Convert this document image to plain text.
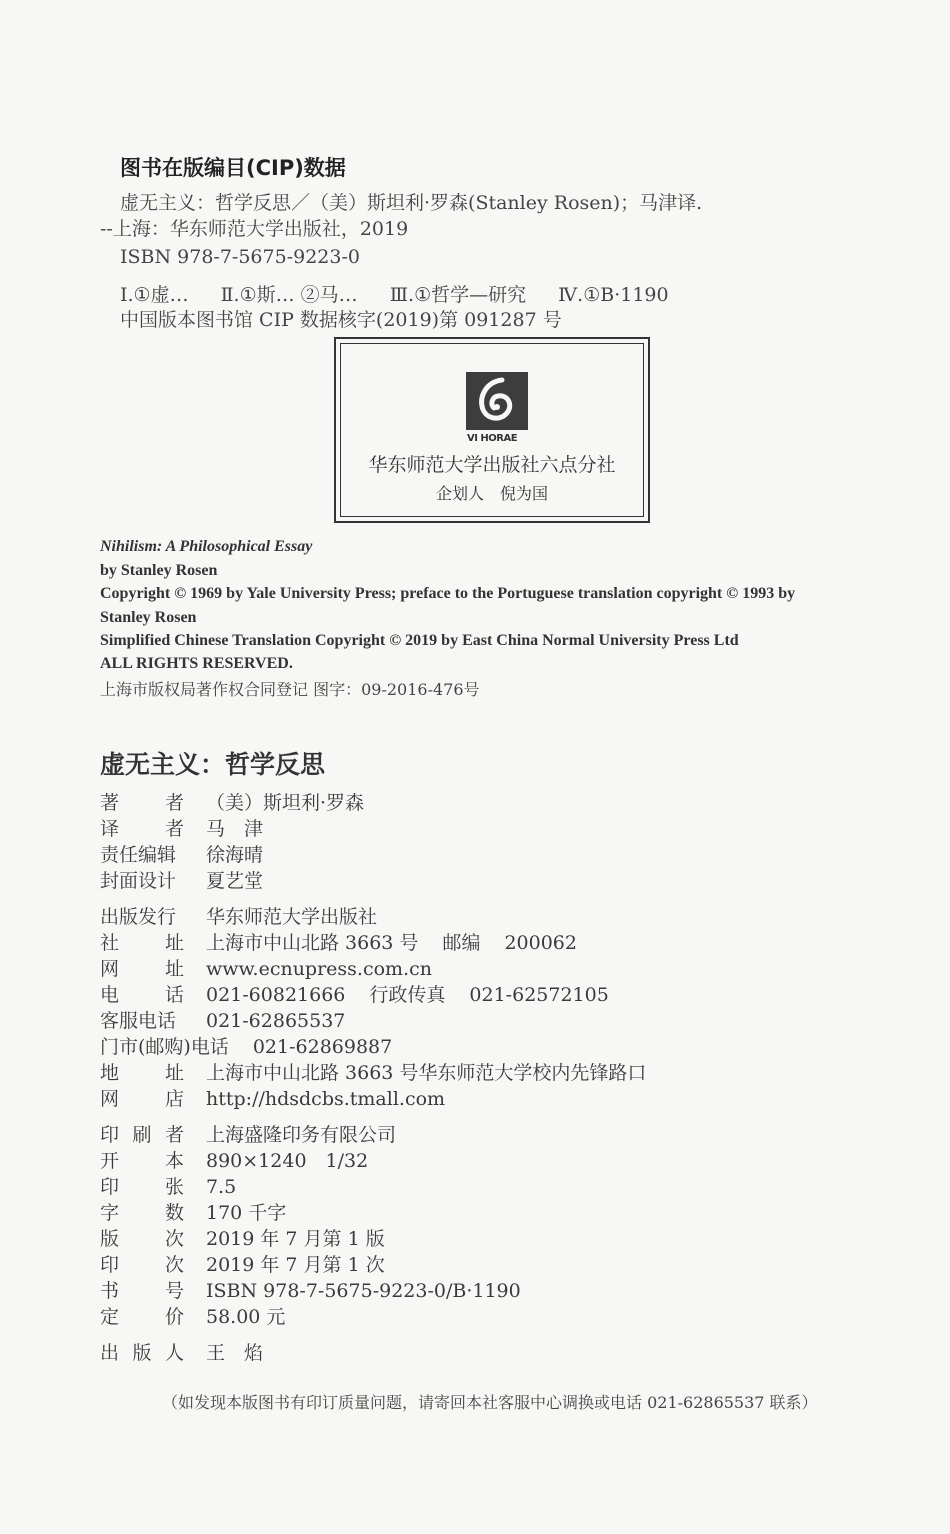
图书在版编目(CIP)数据
虚无主义：哲学反思／（美）斯坦利·罗森(Stanley Rosen)；马津译.
--上海：华东师范大学出版社，2019
ISBN 978-7-5675-9223-0
Ⅰ.①虚… Ⅱ.①斯… ②马… Ⅲ.①哲学—研究 Ⅳ.①B·1190
中国版本图书馆 CIP 数据核字(2019)第 091287 号
VI HORAE
华东师范大学出版社六点分社
企划人　倪为国
Nihilism: A Philosophical Essay
by Stanley Rosen
Copyright © 1969 by Yale University Press; preface to the Portuguese translation copyright © 1993 by
Stanley Rosen
Simplified Chinese Translation Copyright © 2019 by East China Normal University Press Ltd
ALL RIGHTS RESERVED.
上海市版权局著作权合同登记 图字：09-2016-476号
虚无主义：哲学反思
著 者 （美）斯坦利·罗森
译 者 马　津
责任编辑 徐海晴
封面设计 夏艺堂
出版发行 华东师范大学出版社
社 址 上海市中山北路 3663 号 邮编 200062
网 址 www.ecnupress.com.cn
电 话 021-60821666 行政传真 021-62572105
客服电话 021-62865537
门市(邮购)电话 021-62869887
地 址 上海市中山北路 3663 号华东师范大学校内先锋路口
网 店 http://hdsdcbs.tmall.com
印 刷 者 上海盛隆印务有限公司
开 本 890×1240　1/32
印 张 7.5
字 数 170 千字
版 次 2019 年 7 月第 1 版
印 次 2019 年 7 月第 1 次
书 号 ISBN 978-7-5675-9223-0/B·1190
定 价 58.00 元
出 版 人 王　焰
（如发现本版图书有印订质量问题，请寄回本社客服中心调换或电话 021-62865537 联系）
